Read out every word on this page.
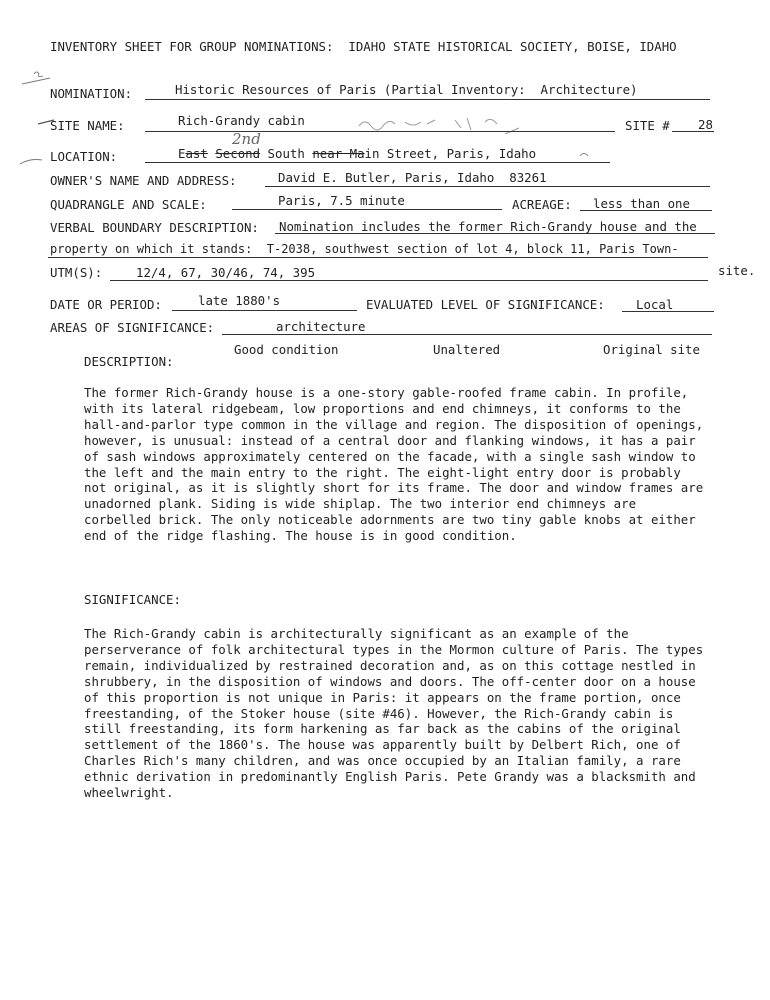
INVENTORY SHEET FOR GROUP NOMINATIONS:  IDAHO STATE HISTORICAL SOCIETY, BOISE, IDAHO
NOMINATION:	Historic Resources of Paris (Partial Inventory:  Architecture)
SITE NAME:	Rich-Grandy cabin	SITE # 28
LOCATION:
2nd
East Second South near Main Street, Paris, Idaho
OWNER'S NAME AND ADDRESS:	David E. Butler, Paris, Idaho  83261
QUADRANGLE AND SCALE:	Paris, 7.5 minute	ACREAGE: less than one
VERBAL BOUNDARY DESCRIPTION: Nomination includes the former Rich-Grandy house and the
property on which it stands:  T-2038, southwest section of lot 4, block 11, Paris Town-
site.
UTM(S):	12/4, 67, 30/46, 74, 395
DATE OR PERIOD:	late 1880's	EVALUATED LEVEL OF SIGNIFICANCE:	Local
AREAS OF SIGNIFICANCE:	architecture
Good condition	Unaltered	Original site
DESCRIPTION:

The former Rich-Grandy house is a one-story gable-roofed frame cabin. In profile, with its lateral ridgebeam, low proportions and end chimneys, it conforms to the hall-and-parlor type common in the village and region. The disposition of openings, however, is unusual: instead of a central door and flanking windows, it has a pair of sash windows approximately centered on the facade, with a single sash window to the left and the main entry to the right. The eight-light entry door is probably not original, as it is slightly short for its frame. The door and window frames are unadorned plank. Siding is wide shiplap. The two interior end chimneys are corbelled brick. The only noticeable adornments are two tiny gable knobs at either end of the ridge flashing. The house is in good condition.

SIGNIFICANCE:

The Rich-Grandy cabin is architecturally significant as an example of the perserverance of folk architectural types in the Mormon culture of Paris. The types remain, individualized by restrained decoration and, as on this cottage nestled in shrubbery, in the disposition of windows and doors. The off-center door on a house of this proportion is not unique in Paris: it appears on the frame portion, once freestanding, of the Stoker house (site #46). However, the Rich-Grandy cabin is still freestanding, its form harkening as far back as the cabins of the original settlement of the 1860's. The house was apparently built by Delbert Rich, one of Charles Rich's many children, and was once occupied by an Italian family, a rare ethnic derivation in predominantly English Paris. Pete Grandy was a blacksmith and wheelwright.
